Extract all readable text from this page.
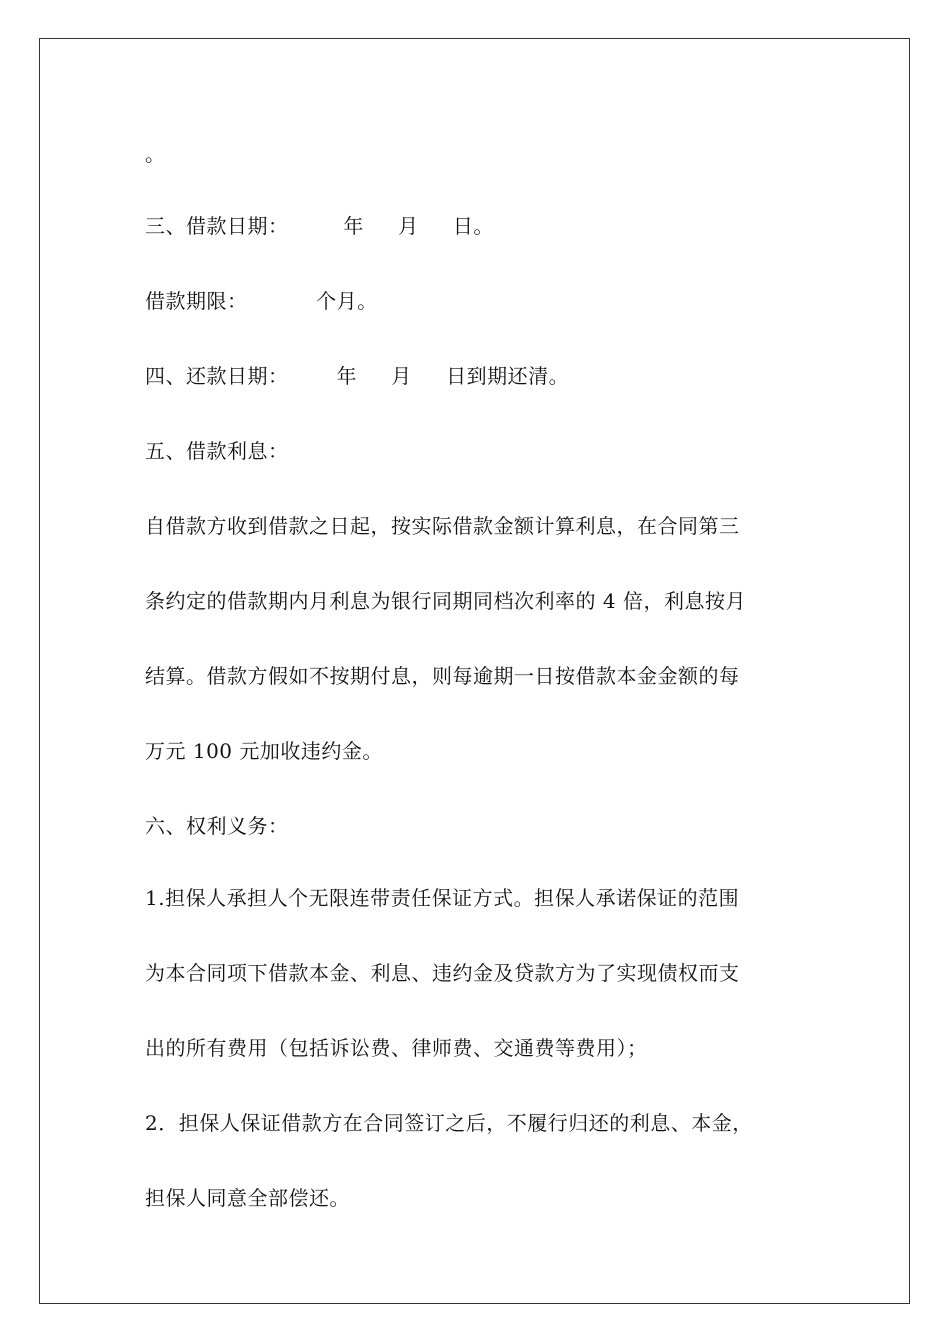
。
三、借款日期：        年     月     日。
借款期限：          个月。
四、还款日期：       年     月     日到期还清。
五、借款利息：
自借款方收到借款之日起，按实际借款金额计算利息，在合同第三
条约定的借款期内月利息为银行同期同档次利率的 4 倍，利息按月
结算。借款方假如不按期付息，则每逾期一日按借款本金金额的每
万元 100 元加收违约金。
六、权利义务：
1.担保人承担人个无限连带责任保证方式。担保人承诺保证的范围
为本合同项下借款本金、利息、违约金及贷款方为了实现债权而支
出的所有费用（包括诉讼费、律师费、交通费等费用）；
2．担保人保证借款方在合同签订之后，不履行归还的利息、本金，
担保人同意全部偿还。
